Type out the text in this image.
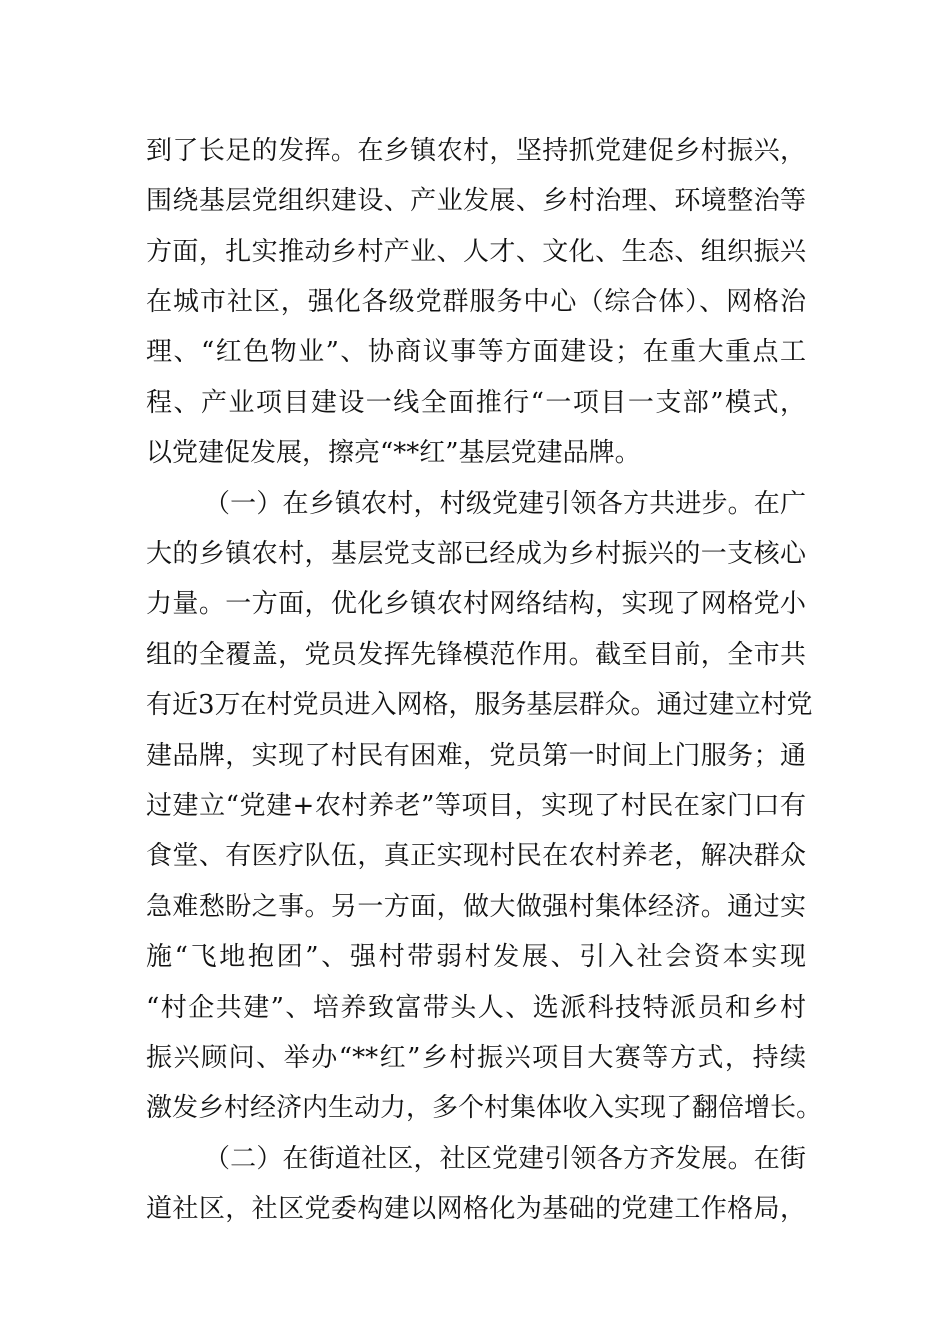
到了长足的发挥。在乡镇农村，坚持抓党建促乡村振兴，
围绕基层党组织建设、产业发展、乡村治理、环境整治等
方面，扎实推动乡村产业、人才、文化、生态、组织振兴
在城市社区，强化各级党群服务中心（综合体）、网格治
理、“红色物业”、协商议事等方面建设；在重大重点工
程、产业项目建设一线全面推行“一项目一支部”模式，
以党建促发展，擦亮“**红”基层党建品牌。
（一）在乡镇农村，村级党建引领各方共进步。在广
大的乡镇农村，基层党支部已经成为乡村振兴的一支核心
力量。一方面，优化乡镇农村网络结构，实现了网格党小
组的全覆盖，党员发挥先锋模范作用。截至目前，全市共
有近3万在村党员进入网格，服务基层群众。通过建立村党
建品牌，实现了村民有困难，党员第一时间上门服务；通
过建立“党建+农村养老”等项目，实现了村民在家门口有
食堂、有医疗队伍，真正实现村民在农村养老，解决群众
急难愁盼之事。另一方面，做大做强村集体经济。通过实
施“飞地抱团”、强村带弱村发展、引入社会资本实现
“村企共建”、培养致富带头人、选派科技特派员和乡村
振兴顾问、举办“**红”乡村振兴项目大赛等方式，持续
激发乡村经济内生动力，多个村集体收入实现了翻倍增长。
（二）在街道社区，社区党建引领各方齐发展。在街
道社区，社区党委构建以网格化为基础的党建工作格局，
